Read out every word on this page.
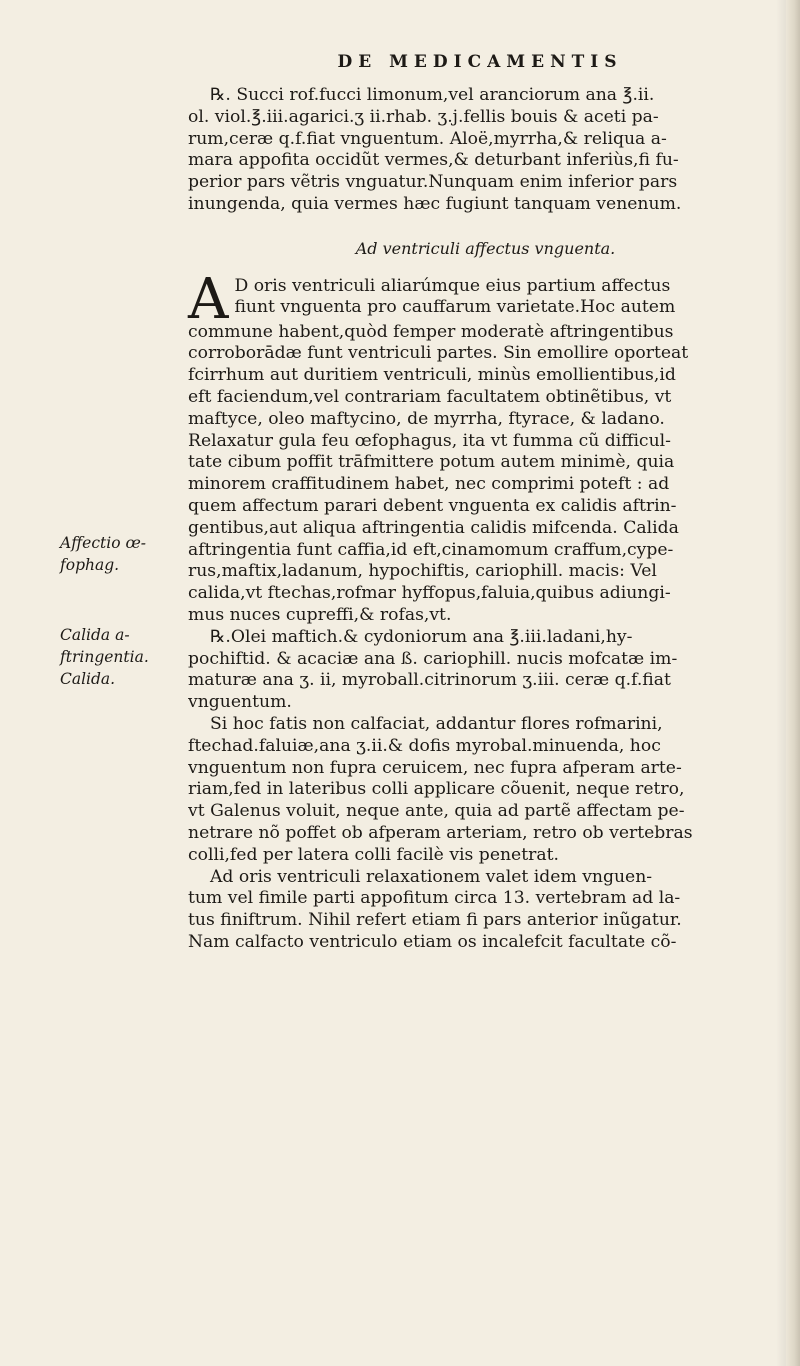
DE MEDICAMENTIS

℞. Succi rof.fucci limonum,vel aranciorum ana ℥.ii.
ol. viol.℥.iii.agarici.ʒ ii.rhab. ʒ.j.fellis bouis & aceti pa-
rum,ceræ q.f.fiat vnguentum. Aloë,myrrha,& reliqua a-
mara appofita occidũt vermes,& deturbant inferiùs,fi fu-
perior pars vẽtris vnguatur.Nunquam enim inferior pars
inungenda, quia vermes hæc fugiunt tanquam venenum.

Ad ventriculi affectus vnguenta.
A D oris ventriculi aliarúmque eius partium affectus
fiunt vnguenta pro cauffarum varietate.Hoc autem
commune habent,quòd femper moderatè aftringentibus
corroborādæ funt ventriculi partes. Sin emollire oporteat
fcirrhum aut duritiem ventriculi, minùs emollientibus,id
eft faciendum,vel contrariam facultatem obtinẽtibus, vt
maftyce, oleo maftycino, de myrrha, ftyrace, & ladano.
Relaxatur gula feu œfophagus, ita vt fumma cũ difficul-
tate cibum poffit trāfmittere potum autem minimè, quia
minorem craffitudinem habet, nec comprimi poteft : ad
quem affectum parari debent vnguenta ex calidis aftrin-
gentibus,aut aliqua aftringentia calidis mifcenda. Calida
aftringentia funt caffia,id eft,cinamomum craffum,cype-
rus,maftix,ladanum, hypochiftis, cariophill. macis: Vel
calida,vt ftechas,rofmar hyffopus,faluia,quibus adiungi-
mus nuces cupreffi,& rofas,vt.

℞.Olei maftich.& cydoniorum ana ℥.iii.ladani,hy-
pochiftid. & acaciæ ana ß. cariophill. nucis mofcatæ im-
maturæ ana ʒ. ii, myroball.citrinorum ʒ.iii. ceræ q.f.fiat
vnguentum.

Si hoc fatis non calfaciat, addantur flores rofmarini,
ftechad.faluiæ,ana ʒ.ii.& dofis myrobal.minuenda, hoc
vnguentum non fupra ceruicem, nec fupra afperam arte-
riam,fed in lateribus colli applicare cõuenit, neque retro,
vt Galenus voluit, neque ante, quia ad partẽ affectam pe-
netrare nõ poffet ob afperam arteriam, retro ob vertebras
colli,fed per latera colli facilè vis penetrat.

Ad oris ventriculi relaxationem valet idem vnguen-
tum vel fimile parti appofitum circa 13. vertebram ad la-
tus finiftrum. Nihil refert etiam fi pars anterior inũgatur.
Nam calfacto ventriculo etiam os incalefcit facultate cõ-

Affectio œ-
fophag.
Calida a-
ftringentia.
Calida.
